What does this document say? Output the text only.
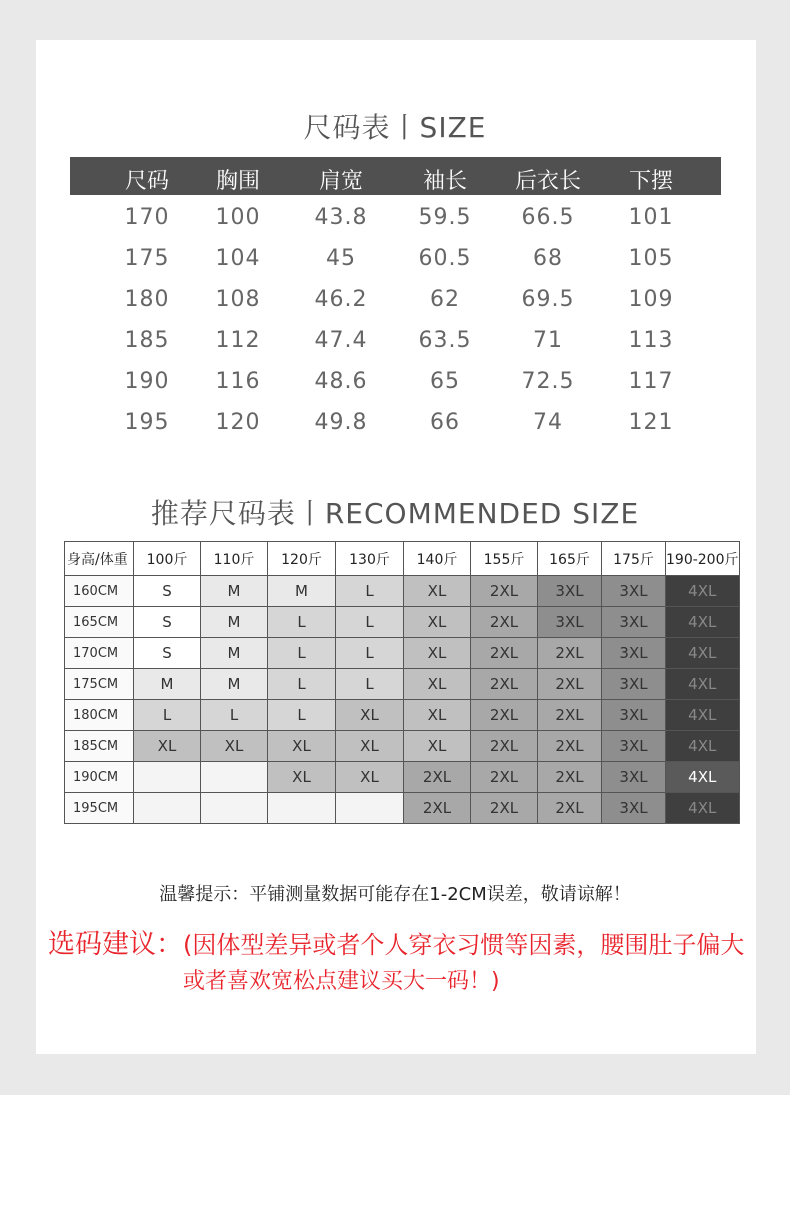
尺码表丨SIZE
尺码	胸围	肩宽	袖长	后衣长	下摆
170	100	43.8	59.5	66.5	101
175	104	45	60.5	68	105
180	108	46.2	62	69.5	109
185	112	47.4	63.5	71	113
190	116	48.6	65	72.5	117
195	120	49.8	66	74	121
推荐尺码表丨RECOMMENDED SIZE
身高/体重	100斤	110斤	120斤	130斤	140斤	155斤	165斤	175斤	190-200斤
160CM	S	M	M	L	XL	2XL	3XL	3XL	4XL
165CM	S	M	L	L	XL	2XL	3XL	3XL	4XL
170CM	S	M	L	L	XL	2XL	2XL	3XL	4XL
175CM	M	M	L	L	XL	2XL	2XL	3XL	4XL
180CM	L	L	L	XL	XL	2XL	2XL	3XL	4XL
185CM	XL	XL	XL	XL	XL	2XL	2XL	3XL	4XL
190CM			XL	XL	2XL	2XL	2XL	3XL	4XL
195CM					2XL	2XL	2XL	3XL	4XL
温馨提示：平铺测量数据可能存在1-2CM误差，敬请谅解！
选码建议：(因体型差异或者个人穿衣习惯等因素，腰围肚子偏大
或者喜欢宽松点建议买大一码！)
